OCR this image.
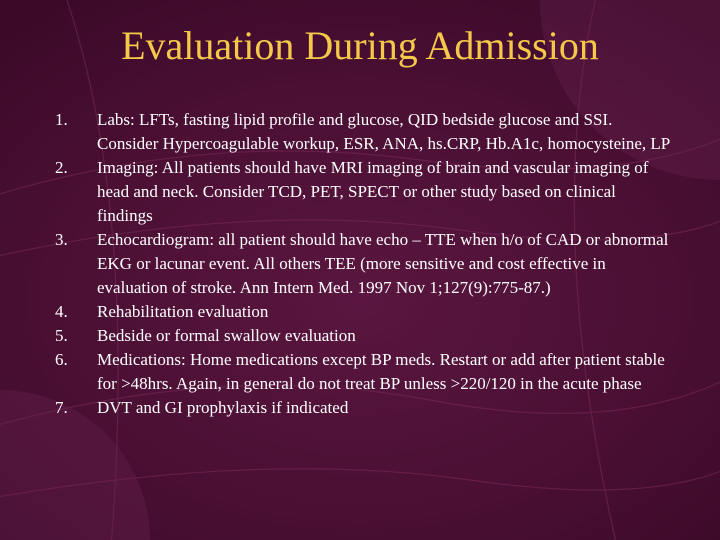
Evaluation During Admission
1.	Labs: LFTs, fasting lipid profile and glucose, QID bedside glucose and SSI. Consider Hypercoagulable workup, ESR, ANA, hs.CRP, Hb.A1c, homocysteine, LP
2.	Imaging: All patients should have MRI imaging of brain and vascular imaging of head and neck. Consider TCD, PET, SPECT or other study based on clinical findings
3.	Echocardiogram: all patient should have echo – TTE when h/o of CAD or abnormal EKG or lacunar event. All others TEE (more sensitive and cost effective in evaluation of stroke. Ann Intern Med. 1997 Nov 1;127(9):775-87.)
4.	Rehabilitation evaluation
5.	Bedside or formal swallow evaluation
6.	Medications: Home medications except BP meds. Restart or add after patient stable for >48hrs. Again, in general do not treat BP unless >220/120 in the acute phase
7.	DVT and GI prophylaxis if indicated
